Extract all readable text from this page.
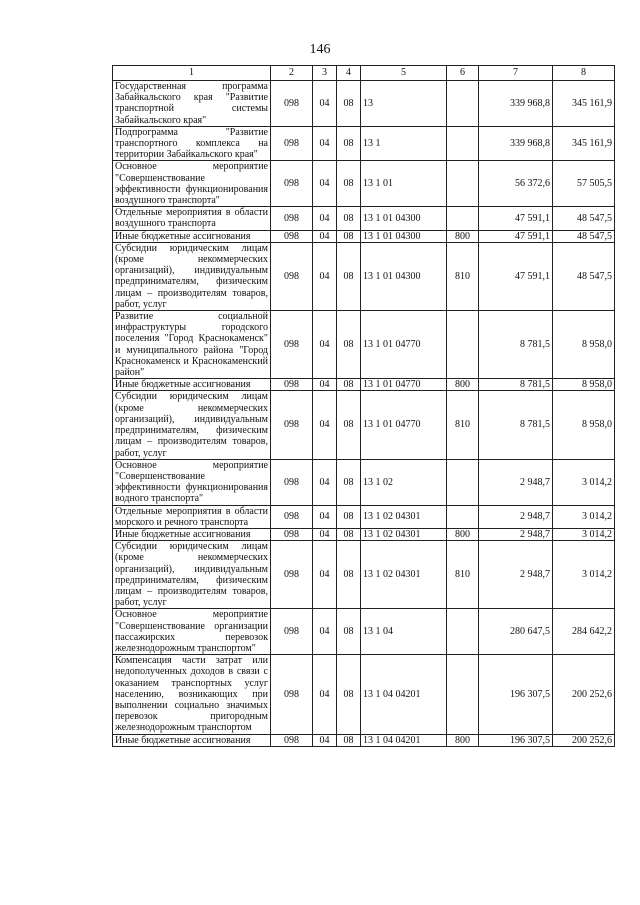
146
1	2	3	4	5	6	7	8
Государственная программа Забайкальского края "Развитие транспортной системы Забайкальского края"	098	04	08	13		339 968,8	345 161,9
Подпрограмма "Развитие транспортного комплекса на территории Забайкальского края"	098	04	08	13 1		339 968,8	345 161,9
Основное мероприятие "Совершенствование эффективности функционирования воздушного транспорта"	098	04	08	13 1 01		56 372,6	57 505,5
Отдельные мероприятия в области воздушного транспорта	098	04	08	13 1 01 04300		47 591,1	48 547,5
Иные бюджетные ассигнования	098	04	08	13 1 01 04300	800	47 591,1	48 547,5
Субсидии юридическим лицам (кроме некоммерческих организаций), индивидуальным предпринимателям, физическим лицам – производителям товаров, работ, услуг	098	04	08	13 1 01 04300	810	47 591,1	48 547,5
Развитие социальной инфраструктуры городского поселения "Город Краснокаменск" и муниципального района "Город Краснокаменск и Краснокаменский район"	098	04	08	13 1 01 04770		8 781,5	8 958,0
Иные бюджетные ассигнования	098	04	08	13 1 01 04770	800	8 781,5	8 958,0
Субсидии юридическим лицам (кроме некоммерческих организаций), индивидуальным предпринимателям, физическим лицам – производителям товаров, работ, услуг	098	04	08	13 1 01 04770	810	8 781,5	8 958,0
Основное мероприятие "Совершенствование эффективности функционирования водного транспорта"	098	04	08	13 1 02		2 948,7	3 014,2
Отдельные мероприятия в области морского и речного транспорта	098	04	08	13 1 02 04301		2 948,7	3 014,2
Иные бюджетные ассигнования	098	04	08	13 1 02 04301	800	2 948,7	3 014,2
Субсидии юридическим лицам (кроме некоммерческих организаций), индивидуальным предпринимателям, физическим лицам – производителям товаров, работ, услуг	098	04	08	13 1 02 04301	810	2 948,7	3 014,2
Основное мероприятие "Совершенствование организации пассажирских перевозок железнодорожным транспортом"	098	04	08	13 1 04		280 647,5	284 642,2
Компенсация части затрат или недополученных доходов в связи с оказанием транспортных услуг населению, возникающих при выполнении социально значимых перевозок пригородным железнодорожным транспортом	098	04	08	13 1 04 04201		196 307,5	200 252,6
Иные бюджетные ассигнования	098	04	08	13 1 04 04201	800	196 307,5	200 252,6
